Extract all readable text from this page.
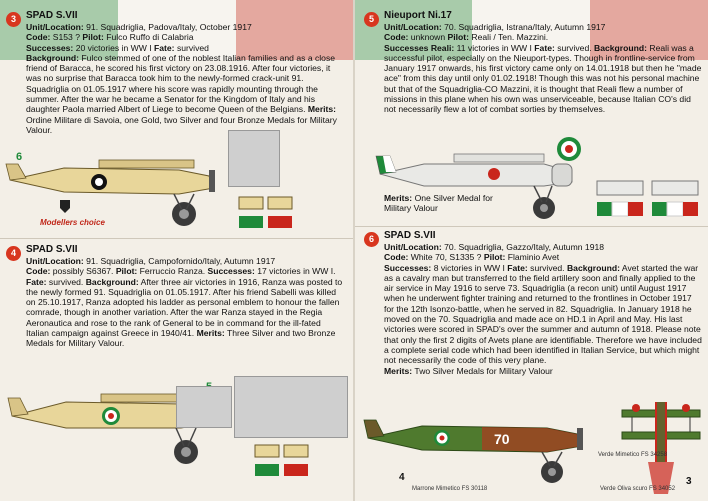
3	SPAD S.VII

Unit/Location: 91. Squadriglia, Padova/Italy, October 1917

Code: S153 ? Pilot: Fulco Ruffo di Calabria

Successes: 20 victories in WW I Fate: survived

Background: Fulco stemmed of one of the noblest Italian families and as a close friend of Baracca, he scored his first victory on 23.08.1916. After four victories, it was no surprise that Baracca took him to the newly-formed crack-unit 91. Squadriglia on 01.05.1917 where his score was rapidly mounting through the summer. After the war he became a Senator for the Kingdom of Italy and his daughter Paola married Albert of Liege to become Queen of the Belgians. Merits: Ordine Militare di Savoia, one Gold, two Silver and four Bronze Medals for Military Valour.

6
Modellers choice
4	SPAD S.VII

Unit/Location: 91. Squadriglia, Campofornido/Italy, Autumn 1917

Code: possibly S6367. Pilot: Ferruccio Ranza. Successes: 17 victories in WW I. Fate: survived. Background: After three air victories in 1916, Ranza was posted to the newly formed 91. Squadriglia on 01.05.1917. After his friend Sabelli was killed on 25.10.1917, Ranza adopted his ladder as personal emblem to honour the fallen comrade, though in another variation. After the war Ranza stayed in the Regia Aeronautica and rose to the rank of General to be in command for the ill-fated Italian campaign against Greece in 1940/41. Merits: Three Silver and two Bronze Medals for Military Valour.

5	Nieuport Ni.17

Unit/Location: 70. Squadriglia, Istrana/Italy, Autumn 1917

Code: unknown Pilot: Reali / Ten. Mazzini.

Successes Reali: 11 victories in WW I Fate: survived. Background: Reali was a successful pilot, especially on the Nieuport-types. Though in frontline-service from January 1917 onwards, his first victory came only on 14.01.1918 but then he "made ace" from this day until only 01.02.1918! Though this was not his personal machine but that of the Squadriglia-CO Mazzini, it is thought that Reali flew a number of missions in this plane when his own was unserviceable, because Italian CO's did not necessarily flew a lot of combat sorties by themselves.

Merits: One Silver Medal for Military Valour

6	SPAD S.VII

Unit/Location: 70. Squadriglia, Gazzo/Italy, Autumn 1918

Code: White 70, S1335 ? Pilot: Flaminio Avet

Successes: 8 victories in WW I Fate: survived. Background: Avet started the war as a cavalry man but transferred to the field artillery soon and finally applied to the air service in May 1916 to serve 73. Squadriglia (a recon unit) until August 1917 when he underwent fighter training and returned to the frontlines in October 1917 for the 12th Isonzo-battle, when he served in 82. Squadriglia. In January 1918 he moved on the 70. Squadriglia and made ace on HD.1 in April and May. His last victories were scored in SPAD's over the summer and autumn of 1918. Please note that only the first 2 digits of Avets plane are identifiable. Therefore we have included a complete serial code which had been identified in Italian Service, but which might not necessarily the code of this very plane.

Merits: Two Silver Medals for Military Valour

70
Marrone Mimetico FS 30118
Verde Mimetico FS 34258
Verde Oliva scuro FS 34052
4	3
